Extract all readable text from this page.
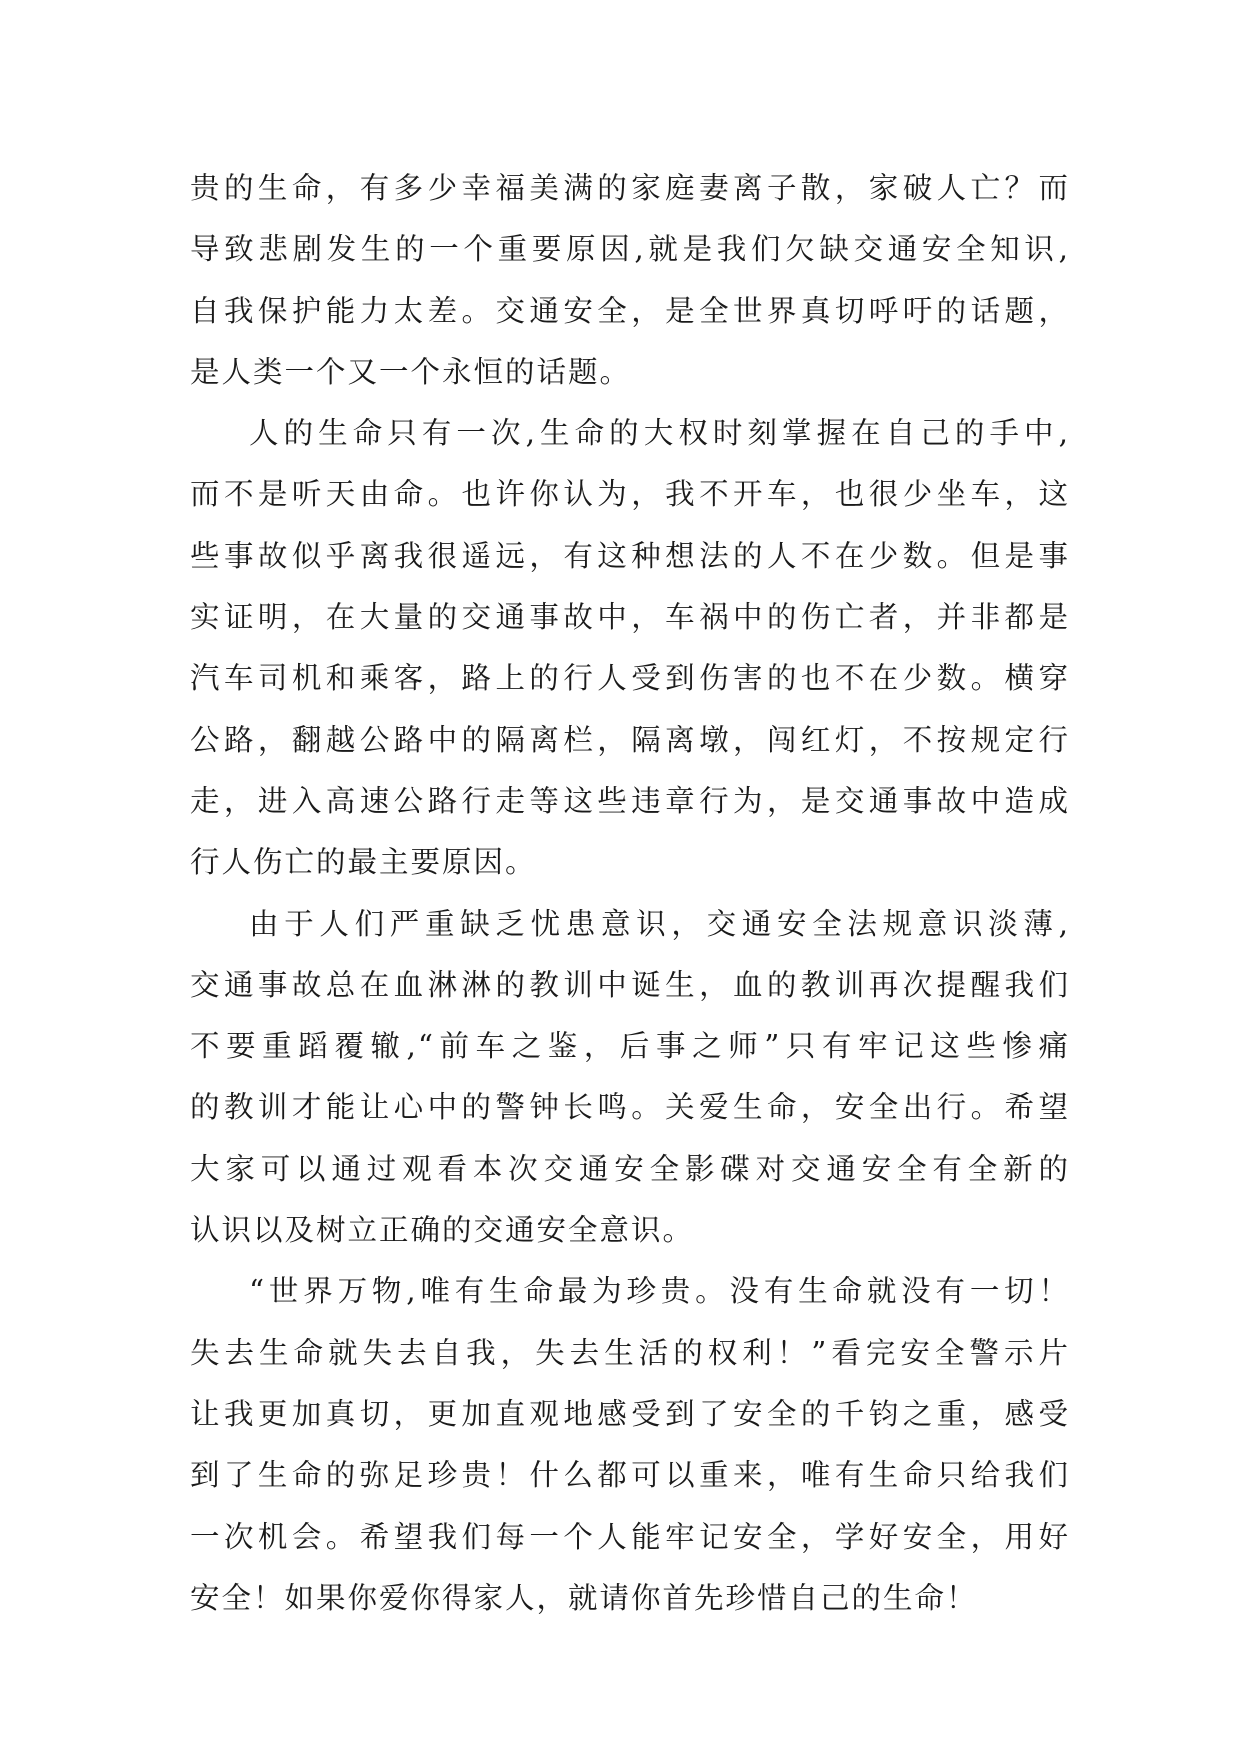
贵的生命，有多少幸福美满的家庭妻离子散，家破人亡？而
导致悲剧发生的一个重要原因,就是我们欠缺交通安全知识,
自我保护能力太差。交通安全，是全世界真切呼吁的话题，
是人类一个又一个永恒的话题。
人的生命只有一次,生命的大权时刻掌握在自己的手中,
而不是听天由命。也许你认为，我不开车，也很少坐车，这
些事故似乎离我很遥远，有这种想法的人不在少数。但是事
实证明，在大量的交通事故中，车祸中的伤亡者，并非都是
汽车司机和乘客，路上的行人受到伤害的也不在少数。横穿
公路，翻越公路中的隔离栏，隔离墩，闯红灯，不按规定行
走，进入高速公路行走等这些违章行为，是交通事故中造成
行人伤亡的最主要原因。
由于人们严重缺乏忧患意识，交通安全法规意识淡薄,
交通事故总在血淋淋的教训中诞生，血的教训再次提醒我们
不要重蹈覆辙,“前车之鉴，后事之师”只有牢记这些惨痛
的教训才能让心中的警钟长鸣。关爱生命，安全出行。希望
大家可以通过观看本次交通安全影碟对交通安全有全新的
认识以及树立正确的交通安全意识。
“世界万物,唯有生命最为珍贵。没有生命就没有一切！
失去生命就失去自我，失去生活的权利！”看完安全警示片
让我更加真切，更加直观地感受到了安全的千钧之重，感受
到了生命的弥足珍贵！什么都可以重来，唯有生命只给我们
一次机会。希望我们每一个人能牢记安全，学好安全，用好
安全！如果你爱你得家人，就请你首先珍惜自己的生命！
